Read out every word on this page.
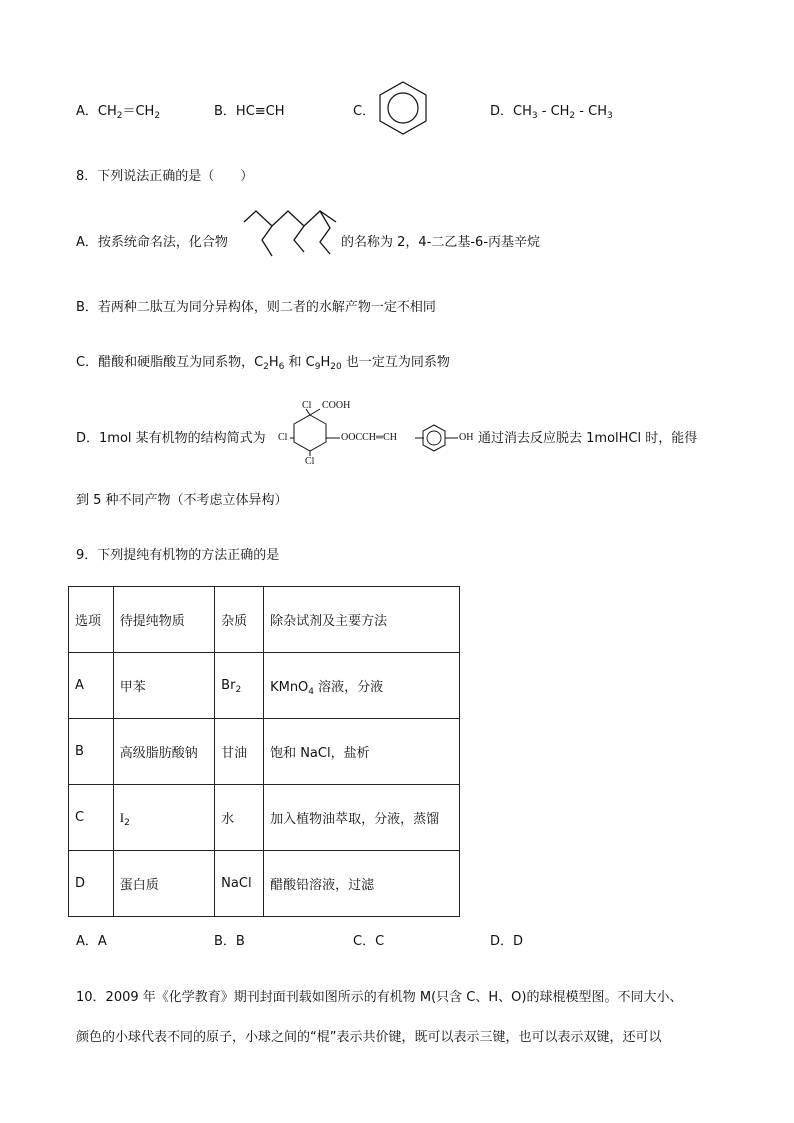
A．$CH_2=CH_2$	B．HC≡CH	C．	D．$CH_3 - CH_2 - CH_3$
8．下列说法正确的是（　　）
A．按系统命名法，化合物	的名称为 2，4-二乙基-6-丙基辛烷
B．若两种二肽互为同分异构体，则二者的水解产物一定不相同
C．醋酸和硬脂酸互为同系物，$C_2H_6$ 和 $C_9H_{20}$ 也一定互为同系物
D．1mol 某有机物的结构简式为
Cl COOH
Cl	OOCCH═CH	OH
Cl
通过消去反应脱去 1molHCl 时，能得
到 5 种不同产物（不考虑立体异构）
9．下列提纯有机物的方法正确的是
选项	待提纯物质	杂质	除杂试剂及主要方法
A	甲苯	$Br_2$	KMnO$_4$ 溶液，分液
B	高级脂肪酸钠	甘油	饱和 NaCl，盐析
C	$I_2$	水	加入植物油萃取，分液，蒸馏
D	蛋白质	NaCl	醋酸铅溶液，过滤
A．A	B．B	C．C	D．D
10．2009 年《化学教育》期刊封面刊载如图所示的有机物 M(只含 C、H、O)的球棍模型图。不同大小、
颜色的小球代表不同的原子，小球之间的“棍”表示共价键，既可以表示三键，也可以表示双键，还可以
